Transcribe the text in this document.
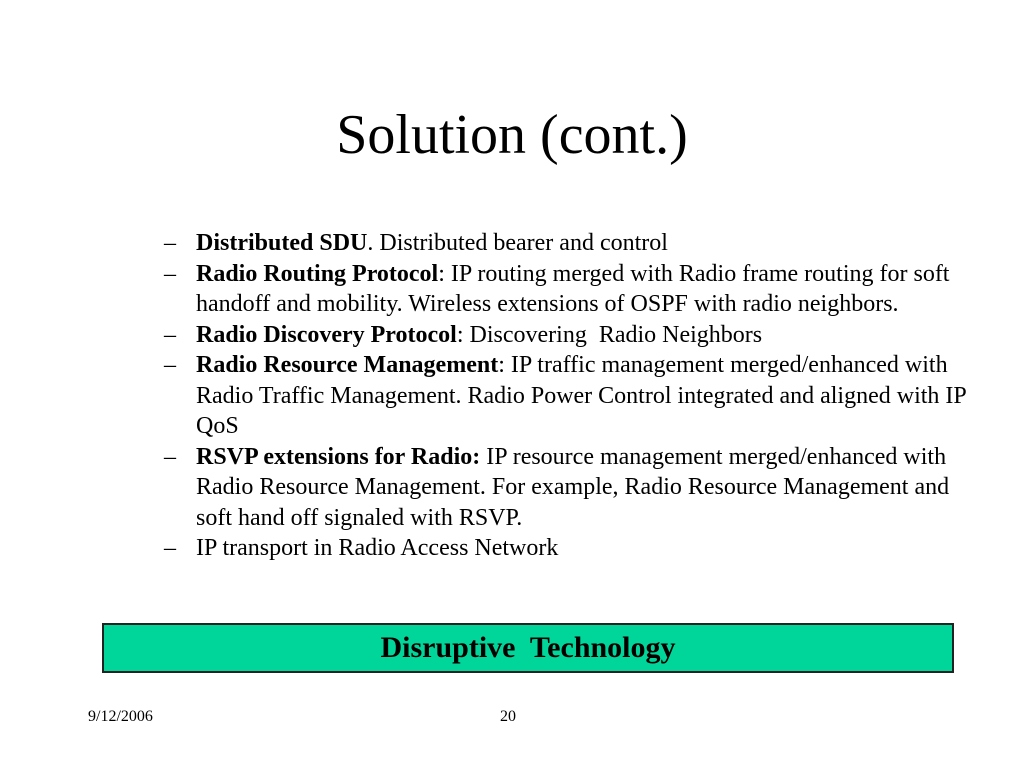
Solution (cont.)
– Distributed SDU. Distributed bearer and control
– Radio Routing Protocol: IP routing merged with Radio frame routing for soft handoff and mobility. Wireless extensions of OSPF with radio neighbors.
– Radio Discovery Protocol: Discovering  Radio Neighbors
– Radio Resource Management: IP traffic management merged/enhanced with Radio Traffic Management. Radio Power Control integrated and aligned with IP QoS
– RSVP extensions for Radio: IP resource management merged/enhanced with Radio Resource Management. For example, Radio Resource Management and soft hand off signaled with RSVP.
– IP transport in Radio Access Network
Disruptive  Technology
9/12/2006	20
